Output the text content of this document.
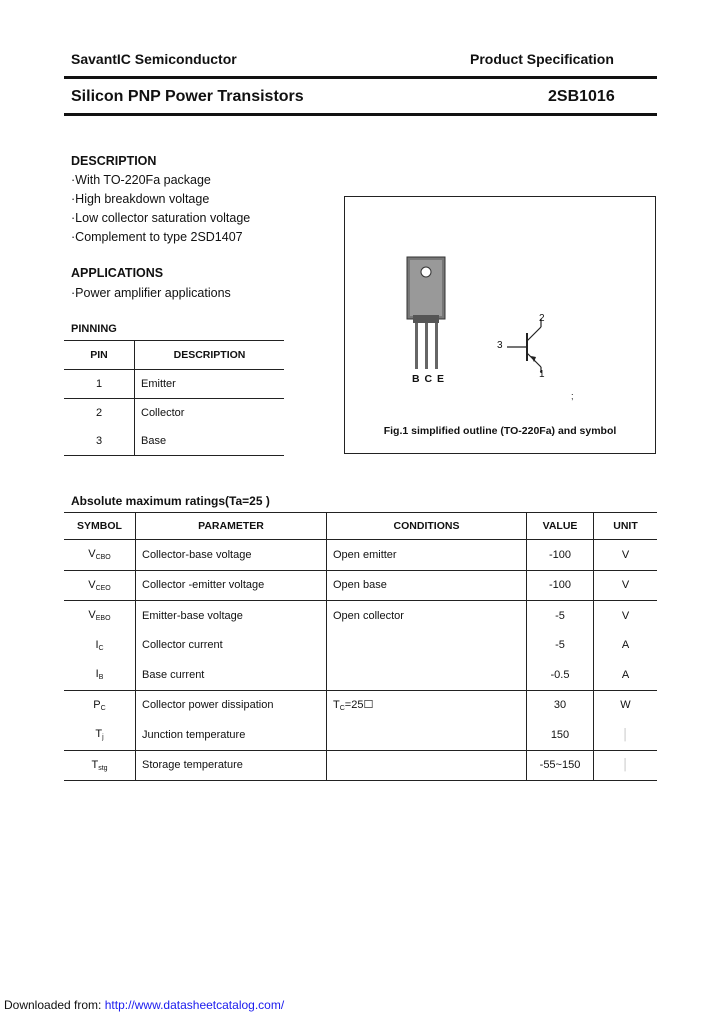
SavantIC Semiconductor	Product Specification
Silicon PNP Power Transistors	2SB1016
DESCRIPTION
·With TO-220Fa package
·High breakdown voltage
·Low collector saturation voltage
·Complement to type 2SD1407
APPLICATIONS
·Power amplifier applications
PINNING
PIN	DESCRIPTION
1	Emitter
2	Collector
3	Base
B C E
3
2
1
;
Fig.1 simplified outline (TO-220Fa) and symbol
Absolute maximum ratings(Ta=25 )
SYMBOL	PARAMETER	CONDITIONS	VALUE	UNIT
$V_{CBO}$	Collector-base voltage	Open emitter	-100	V
$V_{CEO}$	Collector -emitter voltage	Open base	-100	V
$V_{EBO}$	Emitter-base voltage	Open collector	-5	V
$I_C$	Collector current		-5	A
$I_B$	Base current		-0.5	A
$P_C$	Collector power dissipation	$T_C=25☐$	30	W
$T_j$	Junction temperature		150	│
$T_{stg}$	Storage temperature		-55~150	│
Downloaded from: http://www.datasheetcatalog.com/
